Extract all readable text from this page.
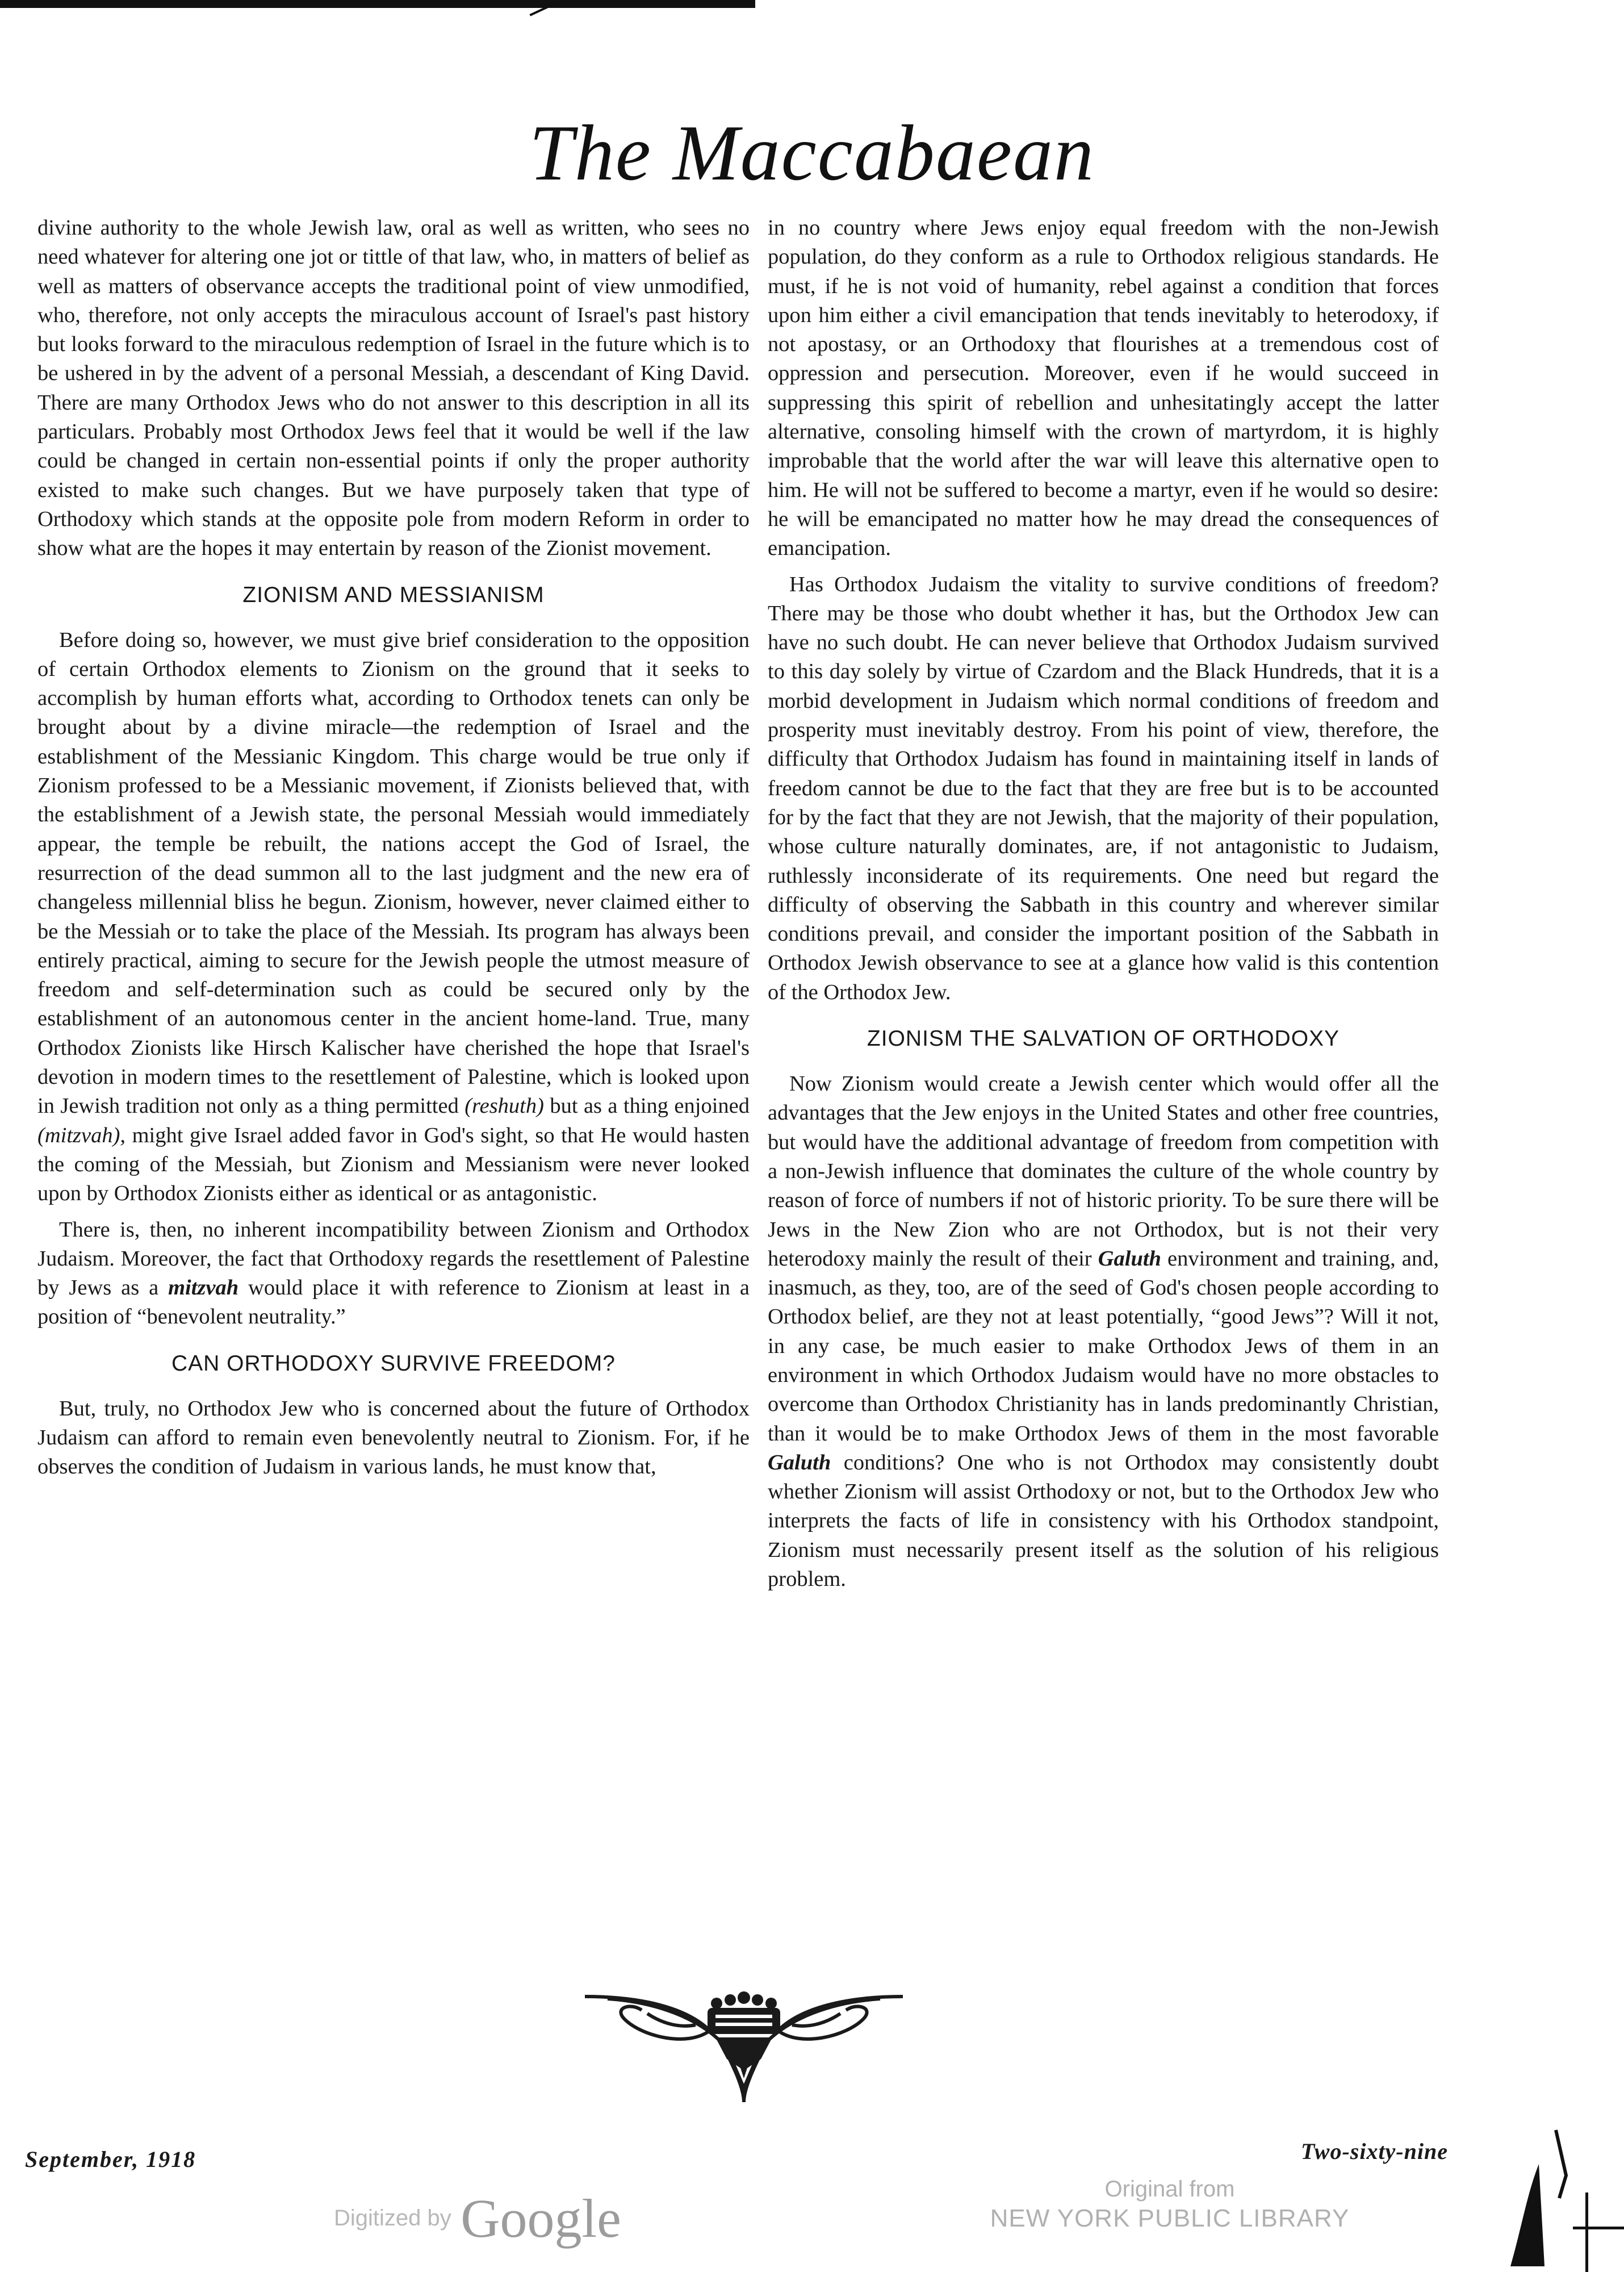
The Maccabaean

divine authority to the whole Jewish law, oral as well as written, who sees no need whatever for altering one jot or tittle of that law, who, in matters of belief as well as matters of observance accepts the traditional point of view unmodified, who, therefore, not only accepts the miraculous account of Israel's past history but looks forward to the miraculous redemption of Israel in the future which is to be ushered in by the advent of a personal Messiah, a descendant of King David. There are many Orthodox Jews who do not answer to this description in all its particulars. Probably most Orthodox Jews feel that it would be well if the law could be changed in certain non-essential points if only the proper authority existed to make such changes. But we have purposely taken that type of Orthodoxy which stands at the opposite pole from modern Reform in order to show what are the hopes it may entertain by reason of the Zionist movement.

ZIONISM AND MESSIANISM

Before doing so, however, we must give brief consideration to the opposition of certain Orthodox elements to Zionism on the ground that it seeks to accomplish by human efforts what, according to Orthodox tenets can only be brought about by a divine miracle—the redemption of Israel and the establishment of the Messianic Kingdom. This charge would be true only if Zionism professed to be a Messianic movement, if Zionists believed that, with the establishment of a Jewish state, the personal Messiah would immediately appear, the temple be rebuilt, the nations accept the God of Israel, the resurrection of the dead summon all to the last judgment and the new era of changeless millennial bliss he begun. Zionism, however, never claimed either to be the Messiah or to take the place of the Messiah. Its program has always been entirely practical, aiming to secure for the Jewish people the utmost measure of freedom and self-determination such as could be secured only by the establishment of an autonomous center in the ancient home-land. True, many Orthodox Zionists like Hirsch Kalischer have cherished the hope that Israel's devotion in modern times to the resettlement of Palestine, which is looked upon in Jewish tradition not only as a thing permitted (reshuth) but as a thing enjoined (mitzvah), might give Israel added favor in God's sight, so that He would hasten the coming of the Messiah, but Zionism and Messianism were never looked upon by Orthodox Zionists either as identical or as antagonistic.

There is, then, no inherent incompatibility between Zionism and Orthodox Judaism. Moreover, the fact that Orthodoxy regards the resettlement of Palestine by Jews as a mitzvah would place it with reference to Zionism at least in a position of “benevolent neutrality.”

CAN ORTHODOXY SURVIVE FREEDOM?

But, truly, no Orthodox Jew who is concerned about the future of Orthodox Judaism can afford to remain even benevolently neutral to Zionism. For, if he observes the condition of Judaism in various lands, he must know that,

in no country where Jews enjoy equal freedom with the non-Jewish population, do they conform as a rule to Orthodox religious standards. He must, if he is not void of humanity, rebel against a condition that forces upon him either a civil emancipation that tends inevitably to heterodoxy, if not apostasy, or an Orthodoxy that flourishes at a tremendous cost of oppression and persecution. Moreover, even if he would succeed in suppressing this spirit of rebellion and unhesitatingly accept the latter alternative, consoling himself with the crown of martyrdom, it is highly improbable that the world after the war will leave this alternative open to him. He will not be suffered to become a martyr, even if he would so desire: he will be emancipated no matter how he may dread the consequences of emancipation.

Has Orthodox Judaism the vitality to survive conditions of freedom? There may be those who doubt whether it has, but the Orthodox Jew can have no such doubt. He can never believe that Orthodox Judaism survived to this day solely by virtue of Czardom and the Black Hundreds, that it is a morbid development in Judaism which normal conditions of freedom and prosperity must inevitably destroy. From his point of view, therefore, the difficulty that Orthodox Judaism has found in maintaining itself in lands of freedom cannot be due to the fact that they are free but is to be accounted for by the fact that they are not Jewish, that the majority of their population, whose culture naturally dominates, are, if not antagonistic to Judaism, ruthlessly inconsiderate of its requirements. One need but regard the difficulty of observing the Sabbath in this country and wherever similar conditions prevail, and consider the important position of the Sabbath in Orthodox Jewish observance to see at a glance how valid is this contention of the Orthodox Jew.

ZIONISM THE SALVATION OF ORTHODOXY

Now Zionism would create a Jewish center which would offer all the advantages that the Jew enjoys in the United States and other free countries, but would have the additional advantage of freedom from competition with a non-Jewish influence that dominates the culture of the whole country by reason of force of numbers if not of historic priority. To be sure there will be Jews in the New Zion who are not Orthodox, but is not their very heterodoxy mainly the result of their Galuth environment and training, and, inasmuch, as they, too, are of the seed of God's chosen people according to Orthodox belief, are they not at least potentially, “good Jews”? Will it not, in any case, be much easier to make Orthodox Jews of them in an environment in which Orthodox Judaism would have no more obstacles to overcome than Orthodox Christianity has in lands predominantly Christian, than it would be to make Orthodox Jews of them in the most favorable Galuth conditions? One who is not Orthodox may consistently doubt whether Zionism will assist Orthodoxy or not, but to the Orthodox Jew who interprets the facts of life in consistency with his Orthodox standpoint, Zionism must necessarily present itself as the solution of his religious problem.

September, 1918	Two-sixty-nine
Digitized by Google	Original from
NEW YORK PUBLIC LIBRARY
